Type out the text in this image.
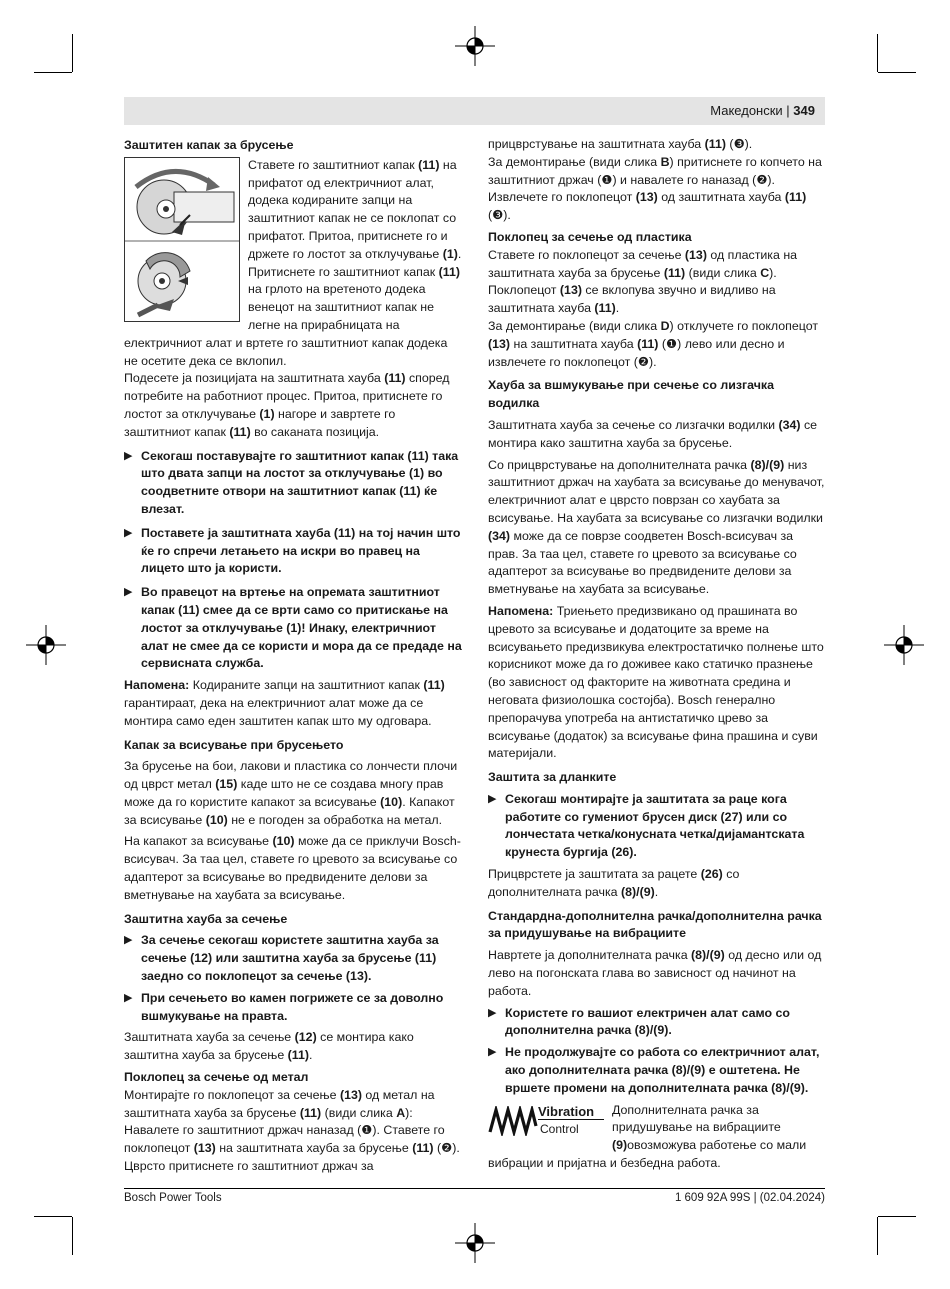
Македонски | 349
Заштитен капак за брусење

Ставете го заштитниот капак (11) на прифатот од електричниот алат, додека кодираните запци на заштитниот капак не се поклопат со прифатот. Притоа, притиснете го и држете го лостот за отклучување (1).

Притиснете го заштитниот капак (11) на грлото на вретеното додека венецот на заштитниот капак не легне на прирабницата на електричниот алат и вртете го заштитниот капак додека не осетите дека се вклопил.

Подесете ја позицијата на заштитната хауба (11) според потребите на работниот процес. Притоа, притиснете го лостот за отклучување (1) нагоре и завртете го заштитниот капак (11) во саканата позиција.

▶ Секогаш поставувајте го заштитниот капак (11) така што двата запци на лостот за отклучување (1) во соодветните отвори на заштитниот капак (11) ќе влезат.
▶ Поставете ја заштитната хауба (11) на тој начин што ќе го спречи летањето на искри во правец на лицето што ја користи.
▶ Во правецот на вртење на опремата заштитниот капак (11) смее да се врти само со притискање на лостот за отклучување (1)! Инаку, електричниот алат не смее да се користи и мора да се предаде на сервисната служба.

Напомена: Кодираните запци на заштитниот капак (11) гарантираат, дека на електричниот алат може да се монтира само еден заштитен капак што му одговара.

Капак за всисување при брусењето

За брусење на бои, лакови и пластика со лончести плочи од цврст метал (15) каде што не се создава многу прав може да го користите капакот за всисување (10). Капакот за всисување (10) не е погоден за обработка на метал.

На капакот за всисување (10) може да се приклучи Bosch-всисувач. За таа цел, ставете го цревото за всисување со адаптерот за всисување во предвидените делови за вметнување на хаубата за всисување.

Заштитна хауба за сечење
▶ За сечење секогаш користете заштитна хауба за сечење (12) или заштитна хауба за брусење (11) заедно со поклопецот за сечење (13).
▶ При сечењето во камен погрижете се за доволно вшмукување на правта.

Заштитната хауба за сечење (12) се монтира како заштитна хауба за брусење (11).

Поклопец за сечење од метал

Монтирајте го поклопецот за сечење (13) од метал на заштитната хауба за брусење (11) (види слика A): Навалете го заштитниот држач наназад (❶). Ставете го поклопецот (13) на заштитната хауба за брусење (11) (❷). Цврсто притиснете го заштитниот држач за

прицврстување на заштитната хауба (11) (❸).

За демонтирање (види слика B) притиснете го копчето на заштитниот држач (❶) и навалете го наназад (❷).

Извлечете го поклопецот (13) од заштитната хауба (11) (❸).

Поклопец за сечење од пластика

Ставете го поклопецот за сечење (13) од пластика на заштитната хауба за брусење (11) (види слика C).

Поклопецот (13) се вклопува звучно и видливо на заштитната хауба (11).

За демонтирање (види слика D) отклучете го поклопецот (13) на заштитната хауба (11) (❶) лево или десно и извлечете го поклопецот (❷).

Хауба за вшмукување при сечење со лизгачка водилка

Заштитната хауба за сечење со лизгачки водилки (34) се монтира како заштитна хауба за брусење.

Со прицврстување на дополнителната рачка (8)/(9) низ заштитниот држач на хаубата за всисување до менувачот, електричниот алат е цврсто поврзан со хаубата за всисување. На хаубата за всисување со лизгачки водилки (34) може да се поврзе соодветен Bosch-всисувач за прав. За таа цел, ставете го цревото за всисување со адаптерот за всисување во предвидените делови за вметнување на хаубата за всисување.

Напомена: Триењето предизвикано од прашината во цревото за всисување и додатоците за време на всисувањето предизвикува електростатичко полнење што корисникот може да го доживее како статичко празнење (во зависност од факторите на животната средина и неговата физиолошка состојба). Bosch генерално препорачува употреба на антистатичко црево за всисување (додаток) за всисување фина прашина и суви материјали.

Заштита за дланките
▶ Секогаш монтирајте ја заштитата за раце кога работите со гумениот брусен диск (27) или со лончестата четка/конусната четка/дијамантската крунеста бургија (26).

Прицврстете ја заштитата за рацете (26) со дополнителната рачка (8)/(9).

Стандардна-дополнителна рачка/дополнителна рачка за придушување на вибрациите

Навртете ја дополнителната рачка (8)/(9) од десно или од лево на погонската глава во зависност од начинот на работа.

▶ Користете го вашиот електричен алат само со дополнителна рачка (8)/(9).
▶ Не продолжувајте со работа со електричниот алат, ако дополнителната рачка (8)/(9) е оштетена. Не вршете промени на дополнителната рачка (8)/(9).
Vibration
Control

Дополнителната рачка за придушување на вибрациите (9)овозможува работење со мали вибрации и пријатна и безбедна работа.

Bosch Power Tools	1 609 92A 99S | (02.04.2024)
